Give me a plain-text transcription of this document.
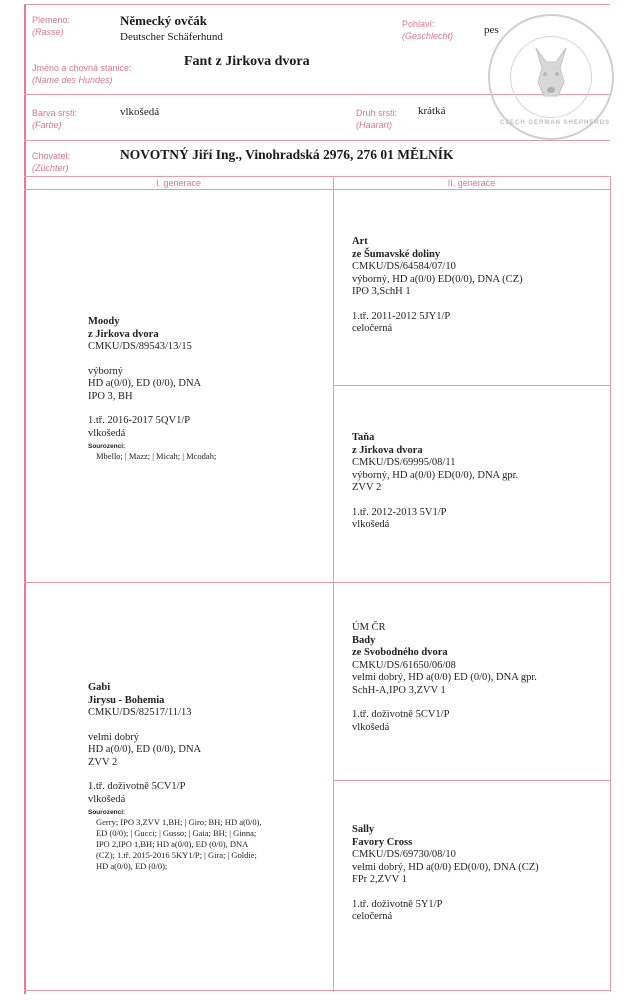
Plemeno:
(Rasse)
Německý ovčák
Deutscher Schäferhund
Pohlaví:
(Geschlecht)	pes
Jméno a chovná stanice:
(Name des Hundes)
Fant z Jirkova dvora
Barva srsti:
(Farbe)
vlkošedá	Druh srsti:
(Haarart)
krátká
Chovatel:
(Züchter)
NOVOTNÝ Jiří Ing., Vinohradská 2976, 276 01 MĚLNÍK
CZECH GERMAN SHEPHERDS
I. generace	II. generace
Moody
z Jirkova dvora
CMKU/DS/89543/13/15
výborný
HD a(0/0), ED (0/0), DNA
IPO 3, BH
1.tř. 2016-2017 5QV1/P
vlkošedá
Sourozenci:
Mbello; | Mazz; | Micah; | Mcodah;
Gabi
Jirysu - Bohemia
CMKU/DS/82517/11/13
velmi dobrý
HD a(0/0), ED (0/0), DNA
ZVV 2
1.tř. doživotně 5CV1/P
vlkošedá
Sourozenci:
Gerry; IPO 3,ZVV 1,BH; | Giro; BH; HD a(0/0),
ED (0/0); | Gucci; | Gusso; | Gaia; BH; | Ginna;
IPO 2,IPO 1,BH; HD a(0/0), ED (0/0), DNA
(CZ); 1.tř. 2015-2016 5KY1/P; | Gira; | Goldie;
HD a(0/0), ED (0/0);
Art
ze Šumavské doliny
CMKU/DS/64584/07/10
výborný, HD a(0/0) ED(0/0), DNA (CZ)
IPO 3,SchH 1
1.tř. 2011-2012 5JY1/P
celočerná
Taňa
z Jirkova dvora
CMKU/DS/69995/08/11
výborný, HD a(0/0) ED(0/0), DNA gpr.
ZVV 2
1.tř. 2012-2013 5V1/P
vlkošedá
ÚM ČR
Bady
ze Svobodného dvora
CMKU/DS/61650/06/08
velmi dobrý, HD a(0/0) ED (0/0), DNA gpr.
SchH-A,IPO 3,ZVV 1
1.tř. doživotně 5CV1/P
vlkošedá
Sally
Favory Cross
CMKU/DS/69730/08/10
velmi dobrý, HD a(0/0) ED(0/0), DNA (CZ)
FPr 2,ZVV 1
1.tř. doživotně 5Y1/P
celočerná
